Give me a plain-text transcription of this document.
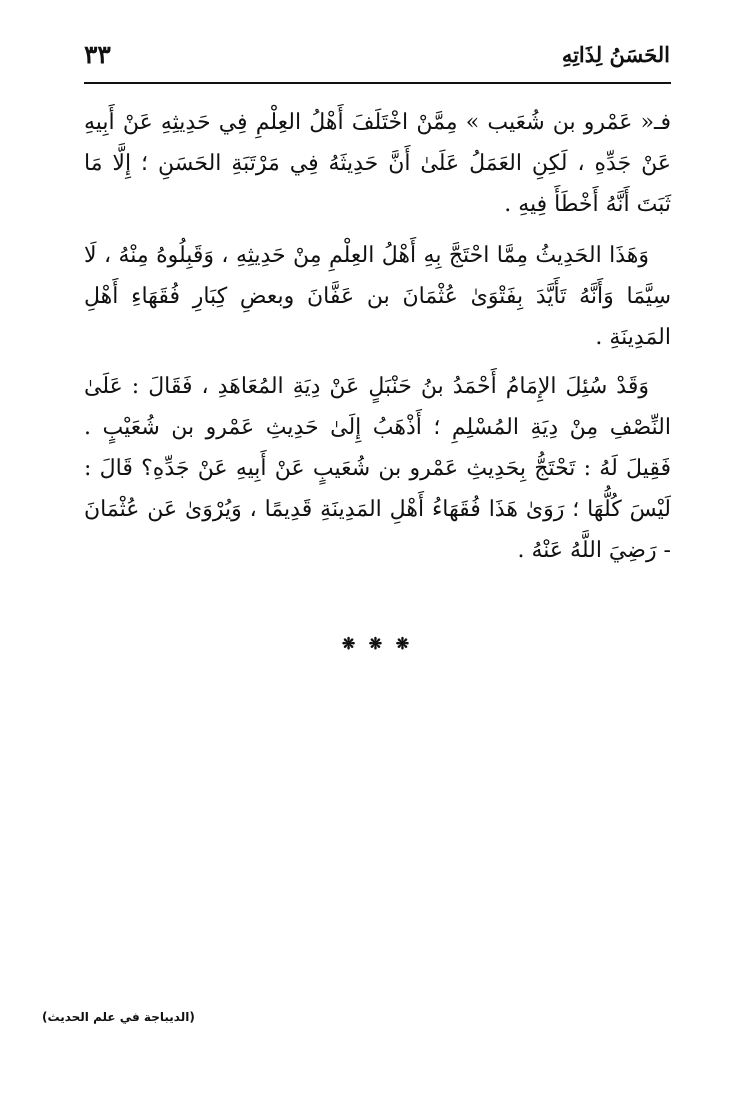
الحَسَنُ لِذَاتِهِ
٣٣

فـ« عَمْرو بن شُعَيب » مِمَّنْ اخْتَلَفَ أَهْلُ العِلْمِ فِي حَدِيثِهِ عَنْ أَبِيهِ عَنْ جَدِّهِ ، لَكِنِ العَمَلُ عَلَىٰ أَنَّ حَدِيثَهُ فِي مَرْتَبَةِ الحَسَنِ ؛ إِلَّا مَا ثَبَتَ أَنَّهُ أَخْطَأَ فِيهِ .

وَهَذَا الحَدِيثُ مِمَّا احْتَجَّ بِهِ أَهْلُ العِلْمِ مِنْ حَدِيثِهِ ، وَقَبِلُوهُ مِنْهُ ، لَا سِيَّمَا وَأَنَّهُ تَأَيَّدَ بِفَتْوَىٰ عُثْمَانَ بن عَفَّانَ وبعضِ كِبَارِ فُقَهَاءِ أَهْلِ المَدِينَةِ .

وَقَدْ سُئِلَ الإِمَامُ أَحْمَدُ بنُ حَنْبَلٍ عَنْ دِيَةِ المُعَاهَدِ ، فَقَالَ : عَلَىٰ النِّصْفِ مِنْ دِيَةِ المُسْلِمِ ؛ أَذْهَبُ إِلَىٰ حَدِيثِ عَمْرو بن شُعَيْبٍ . فَقِيلَ لَهُ : تَحْتَجُّ بِحَدِيثِ عَمْرو بن شُعَيبٍ عَنْ أَبِيهِ عَنْ جَدِّهِ؟ قَالَ : لَيْسَ كُلُّهَا ؛ رَوَىٰ هَذَا فُقَهَاءُ أَهْلِ المَدِينَةِ قَدِيمًا ، وَيُرْوَىٰ عَن عُثْمَانَ - رَضِيَ اللَّهُ عَنْهُ .

❋ ❋ ❋
(الديباجة في علم الحديث)
